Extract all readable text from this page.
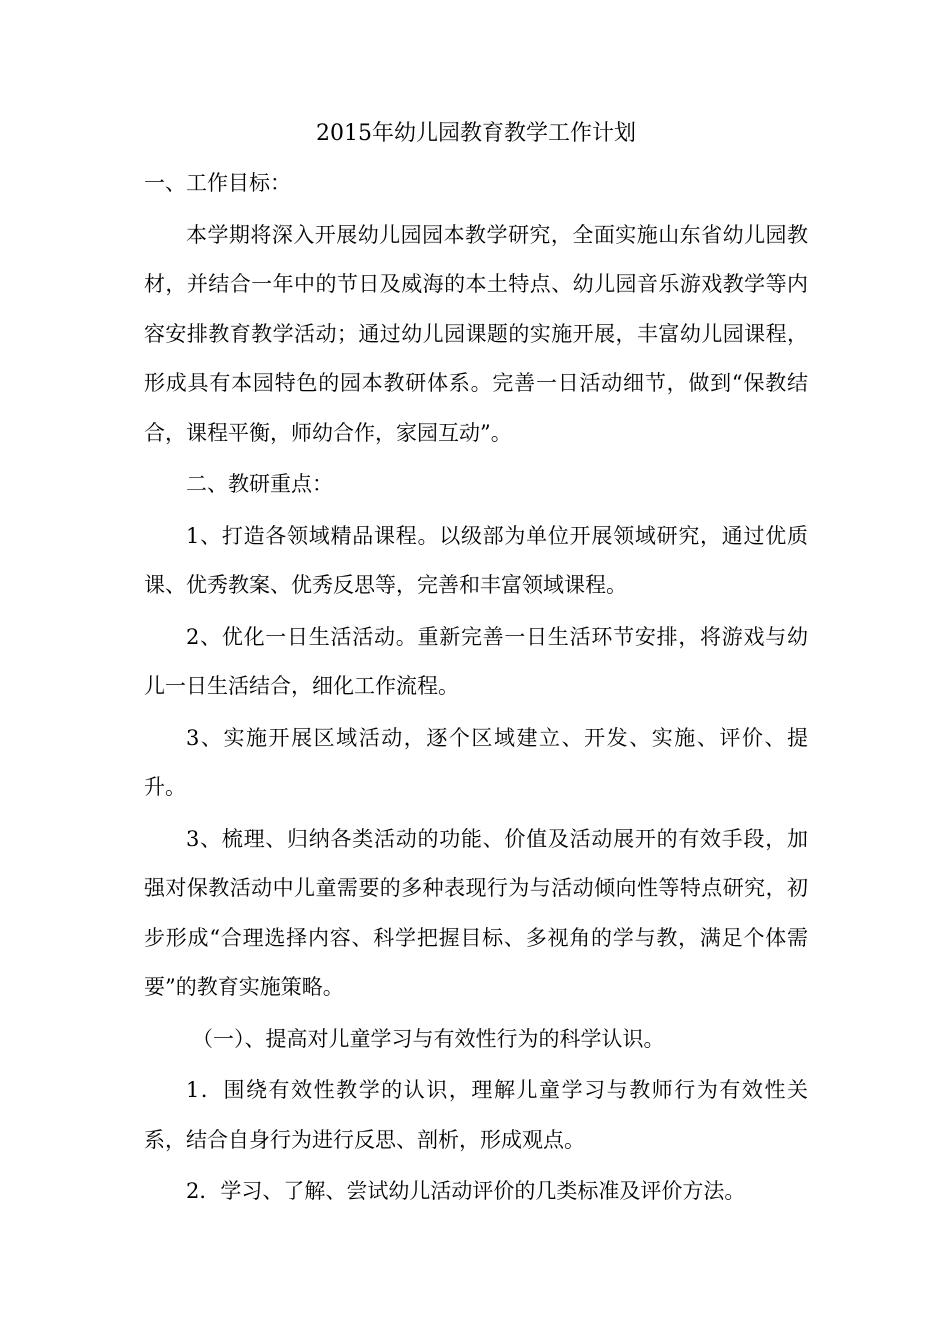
2015年幼儿园教育教学工作计划

一、工作目标：

本学期将深入开展幼儿园园本教学研究，全面实施山东省幼儿园教材，并结合一年中的节日及威海的本土特点、幼儿园音乐游戏教学等内容安排教育教学活动；通过幼儿园课题的实施开展，丰富幼儿园课程，形成具有本园特色的园本教研体系。完善一日活动细节，做到“保教结合，课程平衡，师幼合作，家园互动”。

二、教研重点：

1、打造各领域精品课程。以级部为单位开展领域研究，通过优质课、优秀教案、优秀反思等，完善和丰富领域课程。

2、优化一日生活活动。重新完善一日生活环节安排，将游戏与幼儿一日生活结合，细化工作流程。

3、实施开展区域活动，逐个区域建立、开发、实施、评价、提升。

3、梳理、归纳各类活动的功能、价值及活动展开的有效手段，加强对保教活动中儿童需要的多种表现行为与活动倾向性等特点研究，初步形成“合理选择内容、科学把握目标、多视角的学与教，满足个体需要”的教育实施策略。

（一）、提高对儿童学习与有效性行为的科学认识。

1．围绕有效性教学的认识，理解儿童学习与教师行为有效性关系，结合自身行为进行反思、剖析，形成观点。

2．学习、了解、尝试幼儿活动评价的几类标准及评价方法。
